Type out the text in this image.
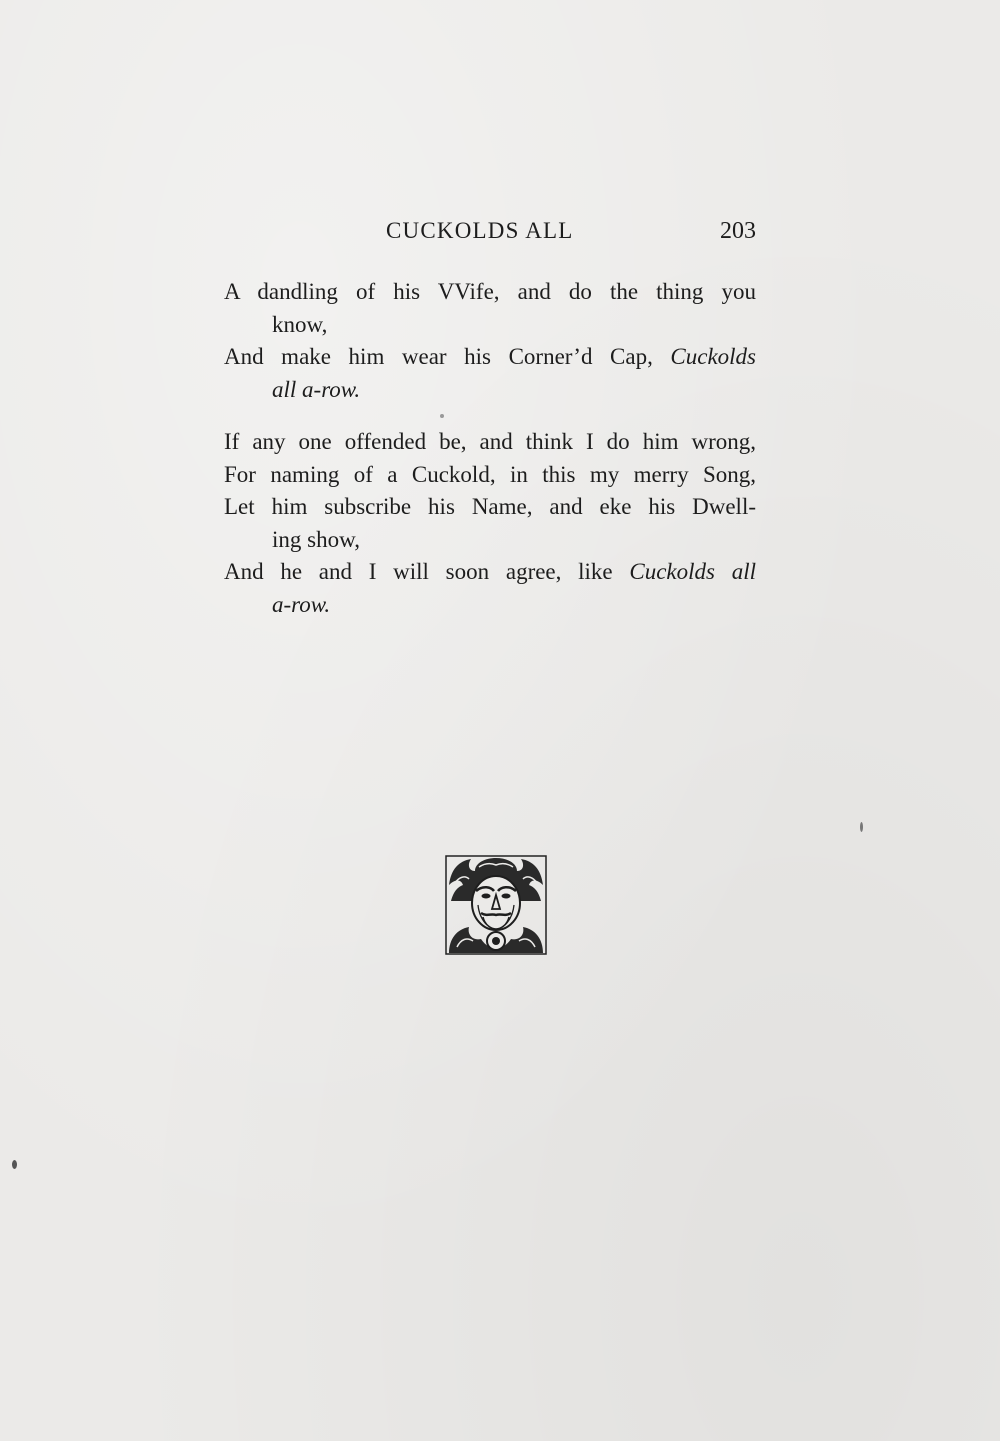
CUCKOLDS ALL	203
A dandling of his VVife, and do the thing you
know,
And make him wear his Corner’d Cap, Cuckolds
all a-row.
If any one offended be, and think I do him wrong,
For naming of a Cuckold, in this my merry Song,
Let him subscribe his Name, and eke his Dwell-
ing show,
And he and I will soon agree, like Cuckolds all
a-row.
